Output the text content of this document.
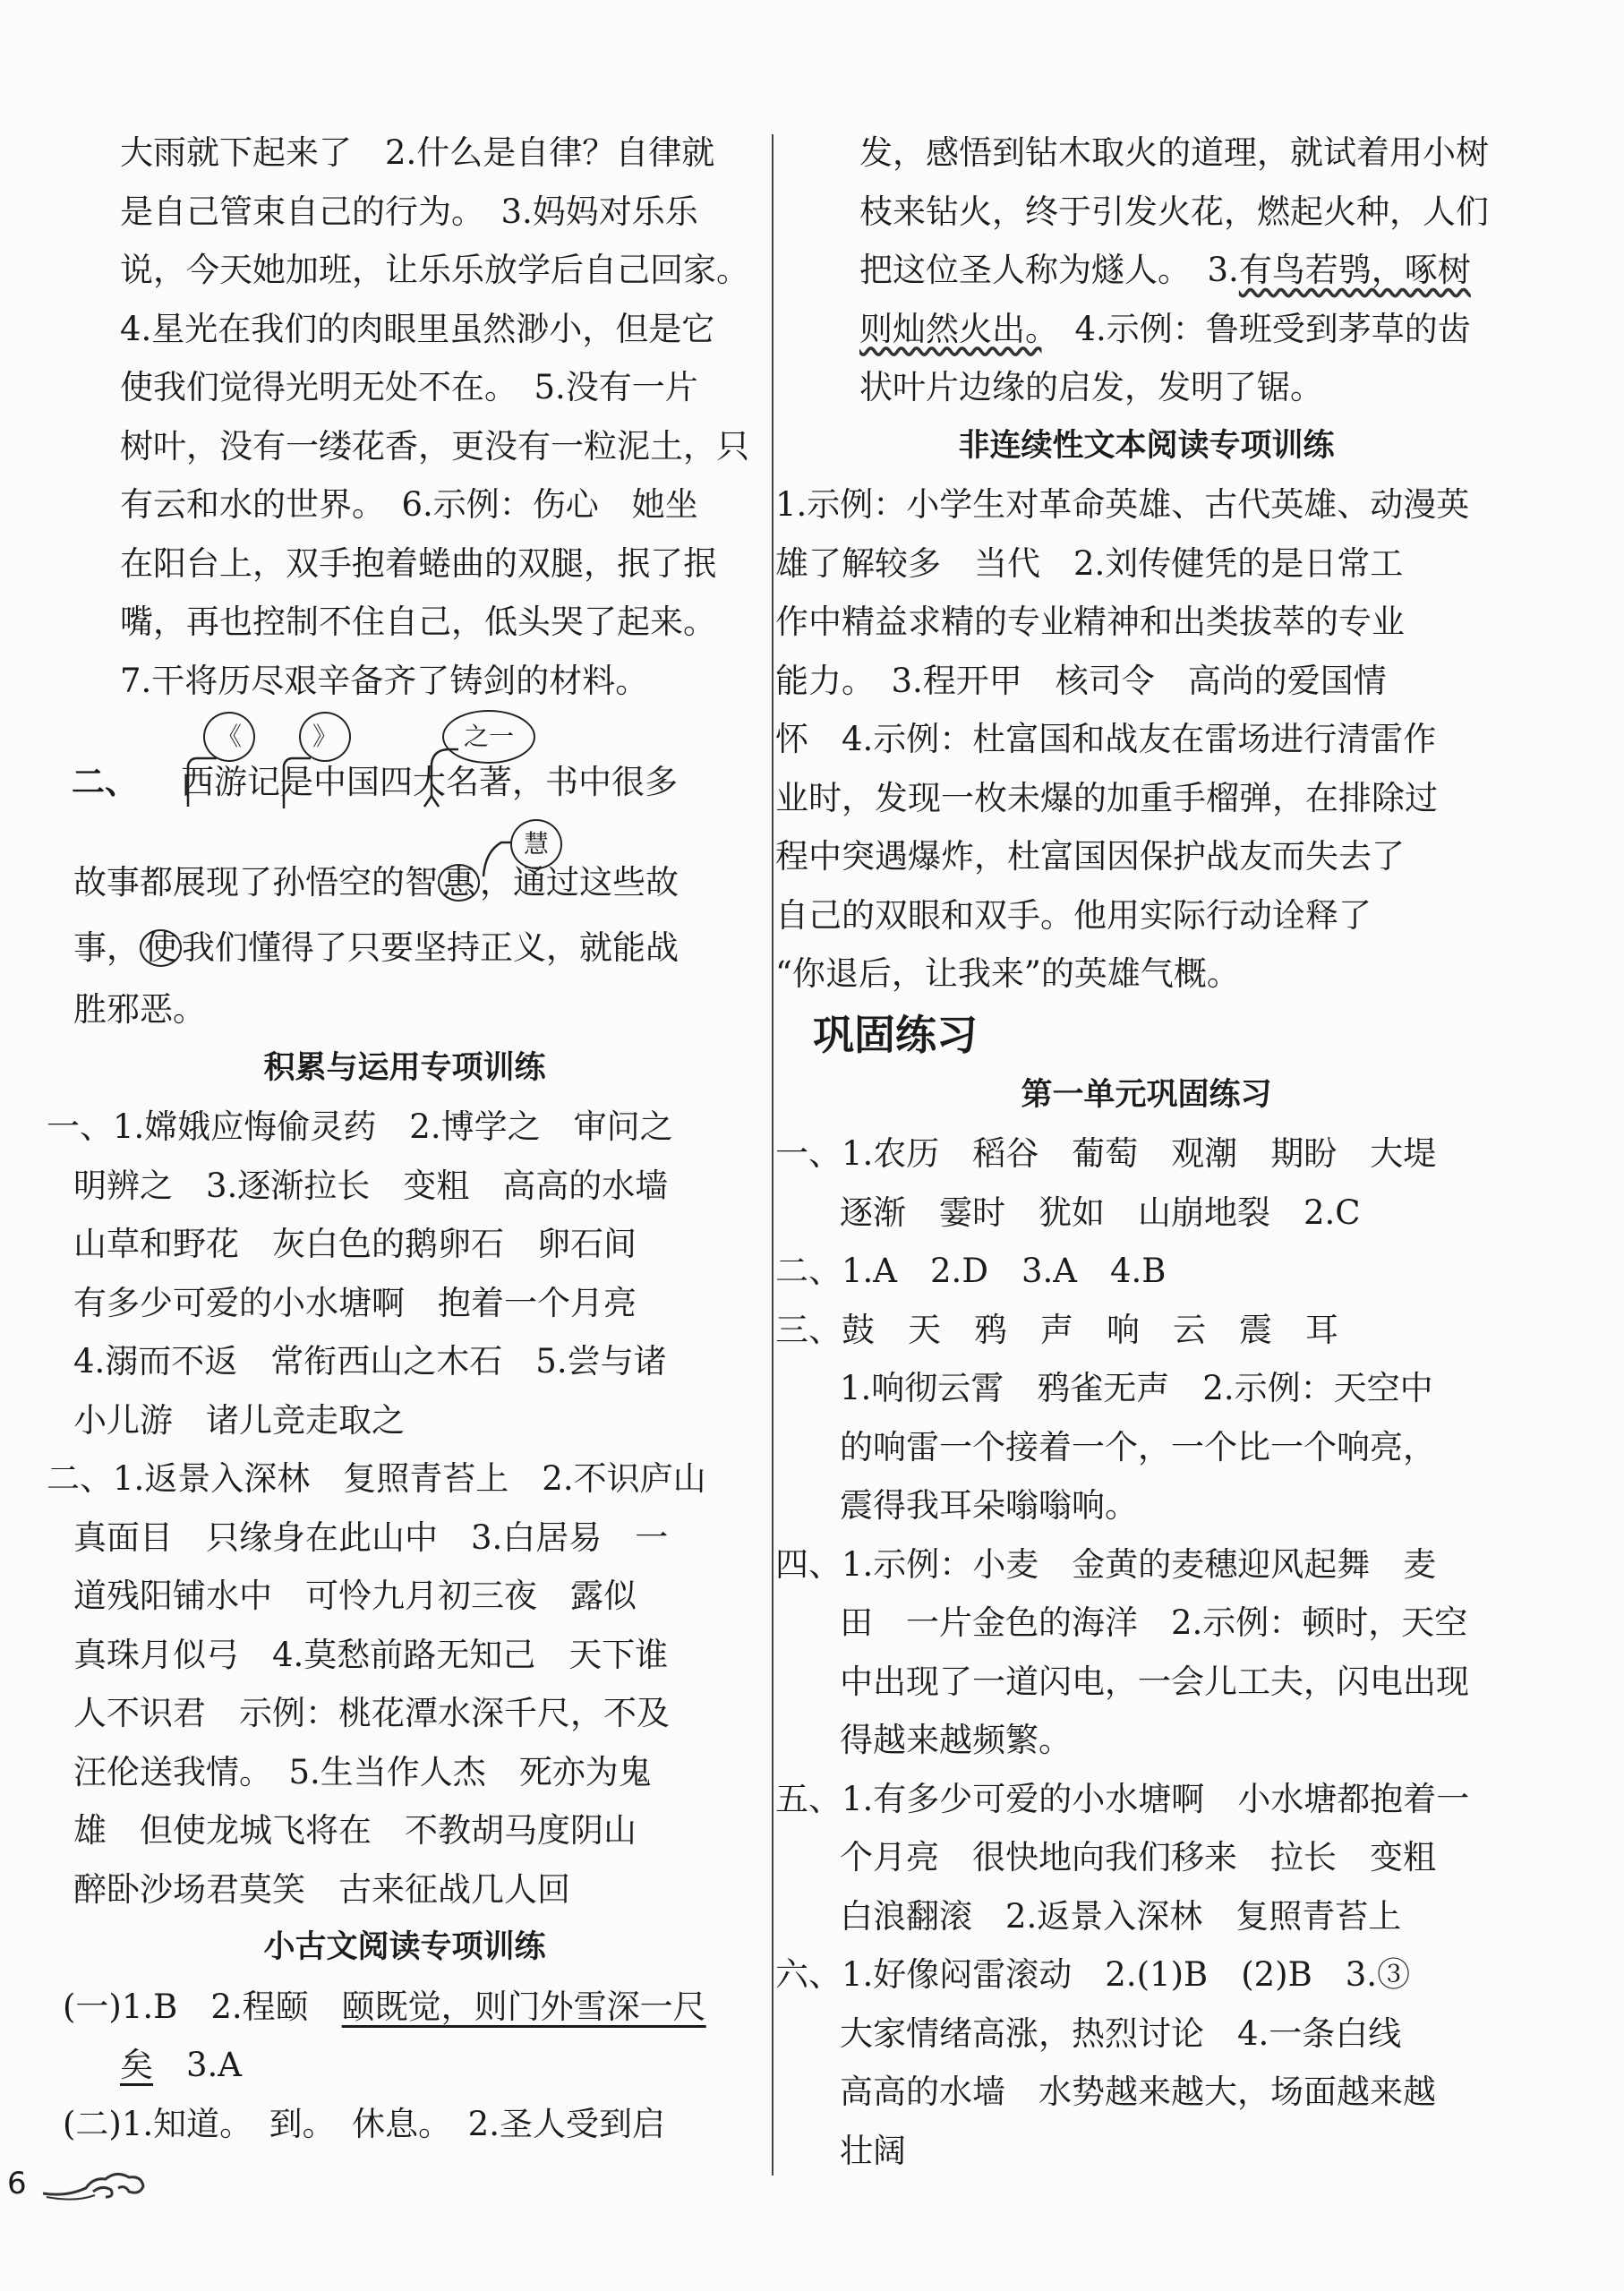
大雨就下起来了　2.什么是自律？自律就
是自己管束自己的行为。　3.妈妈对乐乐
说，今天她加班，让乐乐放学后自己回家。
4.星光在我们的肉眼里虽然渺小，但是它
使我们觉得光明无处不在。　5.没有一片
树叶，没有一缕花香，更没有一粒泥土，只
有云和水的世界。　6.示例：伤心　她坐
在阳台上，双手抱着蜷曲的双腿，抿了抿
嘴，再也控制不住自己，低头哭了起来。
7.干将历尽艰辛备齐了铸剑的材料。
二、 西游记是中国四大名著，书中很多
《	》	之一
故事都展现了孙悟空的智 惠 ，通过这些故
慧
事， 使 我们懂得了只要坚持正义，就能战
胜邪恶。
积累与运用专项训练
一、1.嫦娥应悔偷灵药　2.博学之　审问之
明辨之　3.逐渐拉长　变粗　高高的水墙
山草和野花　灰白色的鹅卵石　卵石间
有多少可爱的小水塘啊　抱着一个月亮
4.溺而不返　常衔西山之木石　5.尝与诸
小儿游　诸儿竞走取之
二、1.返景入深林　复照青苔上　2.不识庐山
真面目　只缘身在此山中　3.白居易　一
道残阳铺水中　可怜九月初三夜　露似
真珠月似弓　4.莫愁前路无知己　天下谁
人不识君　示例：桃花潭水深千尺，不及
汪伦送我情。　5.生当作人杰　死亦为鬼
雄　但使龙城飞将在　不教胡马度阴山
醉卧沙场君莫笑　古来征战几人回
小古文阅读专项训练
(一)1.B　2.程颐　颐既觉，则门外雪深一尺
矣　3.A
(二)1.知道。　到。　休息。　2.圣人受到启
发，感悟到钻木取火的道理，就试着用小树
枝来钻火，终于引发火花，燃起火种，人们
把这位圣人称为燧人。　3.有鸟若鸮，啄树
则灿然火出。　4.示例：鲁班受到茅草的齿
状叶片边缘的启发，发明了锯。
非连续性文本阅读专项训练
1.示例：小学生对革命英雄、古代英雄、动漫英
雄了解较多　当代　2.刘传健凭的是日常工
作中精益求精的专业精神和出类拔萃的专业
能力。　3.程开甲　核司令　高尚的爱国情
怀　4.示例：杜富国和战友在雷场进行清雷作
业时，发现一枚未爆的加重手榴弹，在排除过
程中突遇爆炸，杜富国因保护战友而失去了
自己的双眼和双手。他用实际行动诠释了
“你退后，让我来”的英雄气概。
巩固练习
第一单元巩固练习
一、1.农历　稻谷　葡萄　观潮　期盼　大堤
逐渐　霎时　犹如　山崩地裂　2.C
二、1.A　2.D　3.A　4.B
三、鼓　天　鸦　声　响　云　震　耳
1.响彻云霄　鸦雀无声　2.示例：天空中
的响雷一个接着一个，一个比一个响亮，
震得我耳朵嗡嗡响。
四、1.示例：小麦　金黄的麦穗迎风起舞　麦
田　一片金色的海洋　2.示例：顿时，天空
中出现了一道闪电，一会儿工夫，闪电出现
得越来越频繁。
五、1.有多少可爱的小水塘啊　小水塘都抱着一
个月亮　很快地向我们移来　拉长　变粗
白浪翻滚　2.返景入深林　复照青苔上
六、1.好像闷雷滚动　2.(1)B　(2)B　3.③
大家情绪高涨，热烈讨论　4.一条白线
高高的水墙　水势越来越大，场面越来越
壮阔
6
